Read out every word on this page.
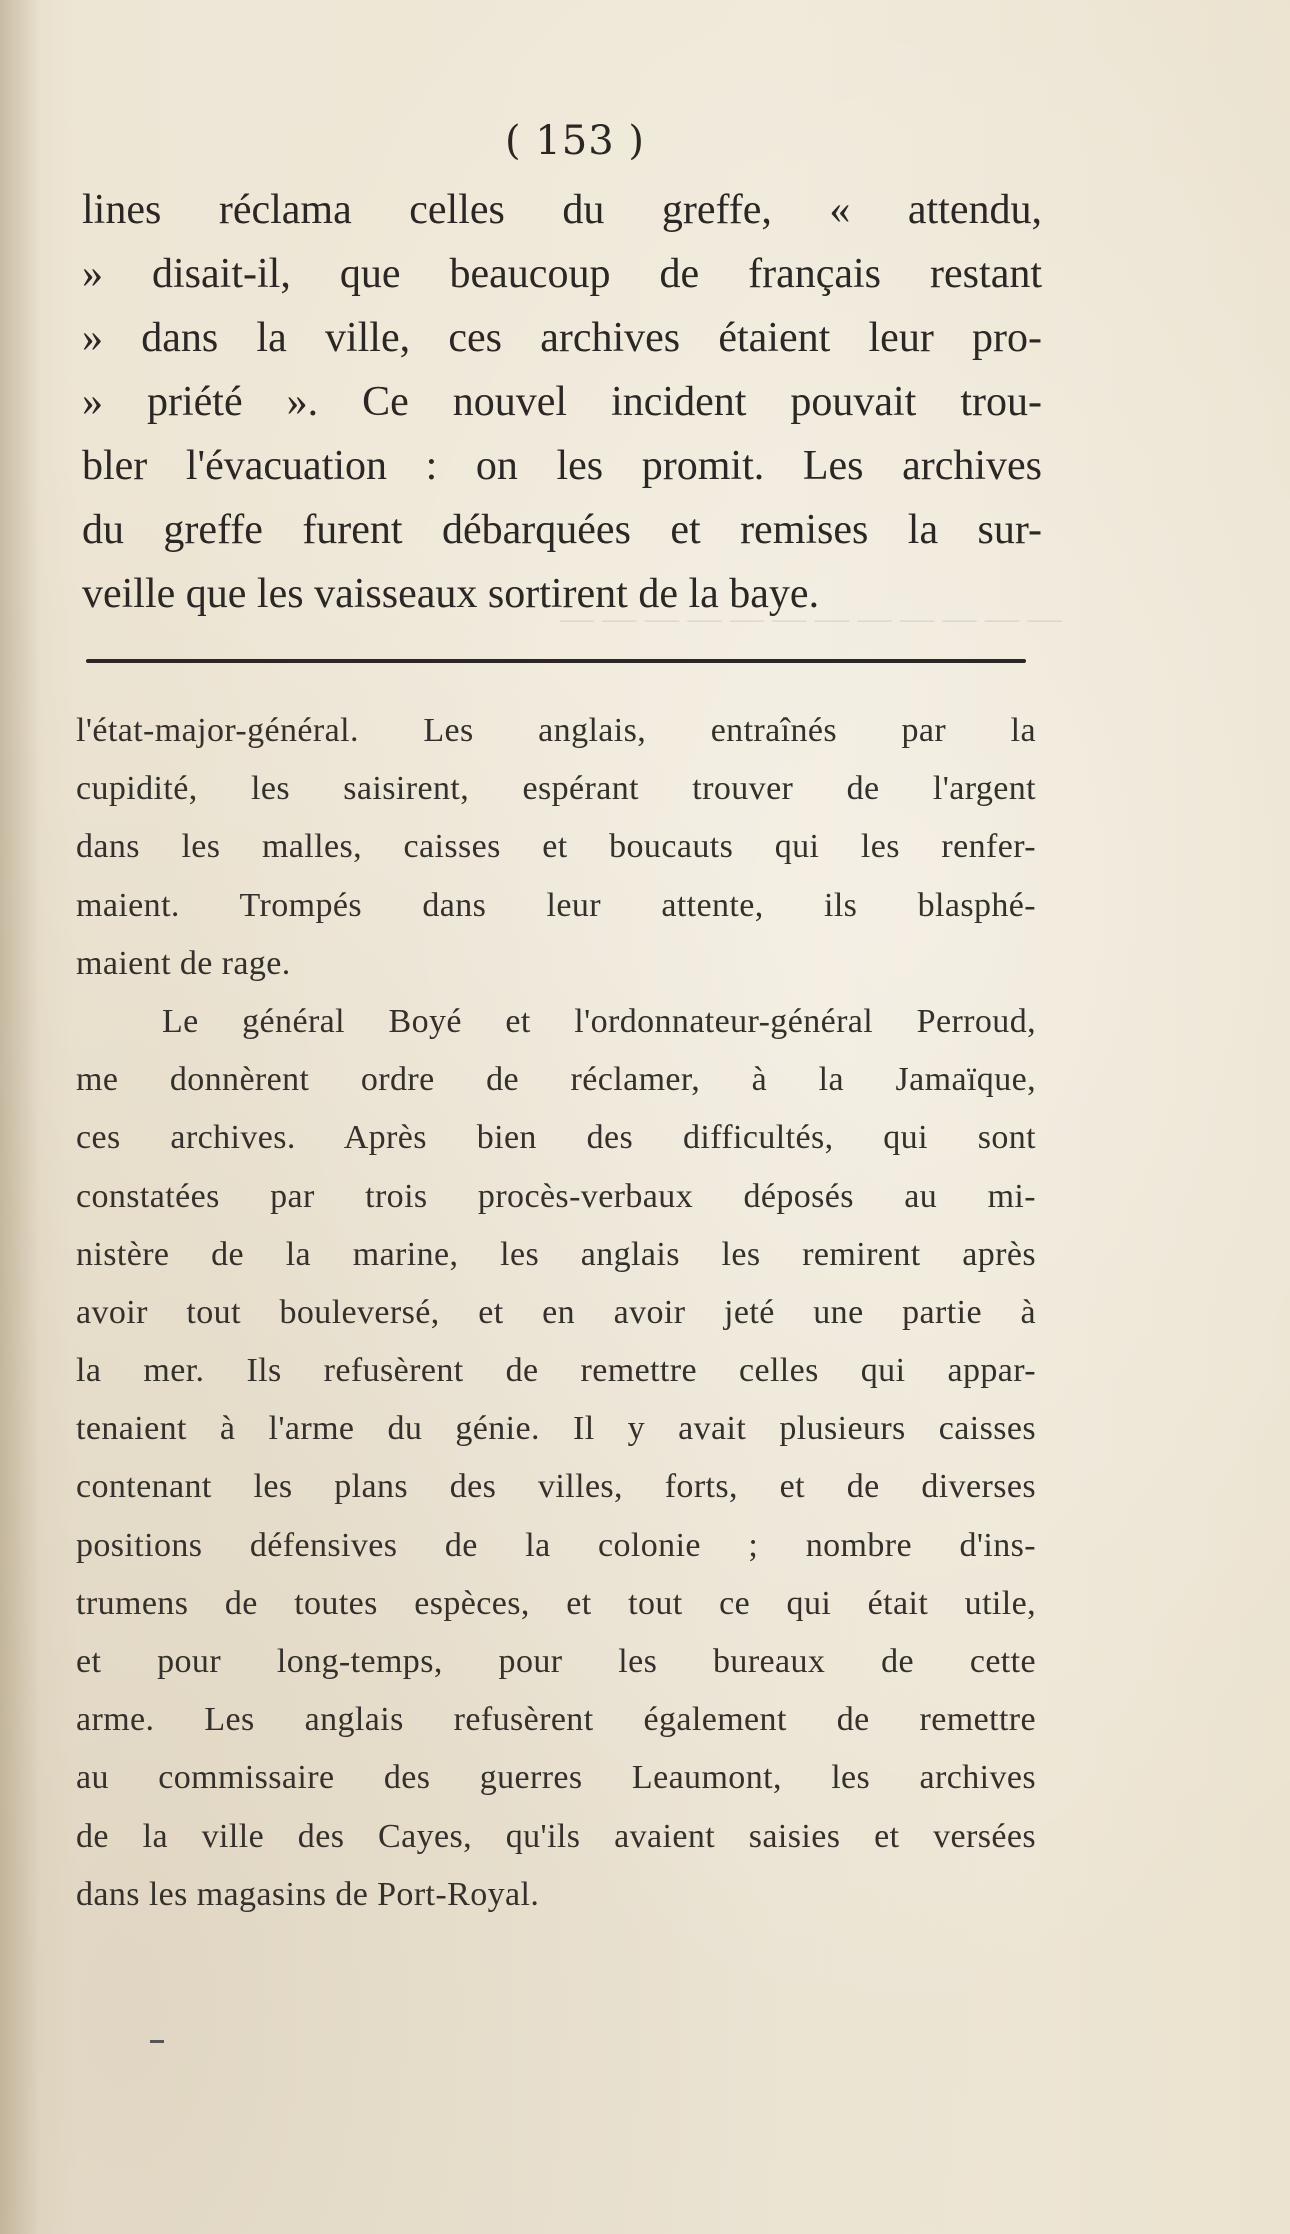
— — — — — — — — — — — —
( 153 )
lines réclama celles du greffe, « attendu,
» disait-il, que beaucoup de français restant
» dans la ville, ces archives étaient leur pro-
» priété ». Ce nouvel incident pouvait trou-
bler l'évacuation : on les promit. Les archives
du greffe furent débarquées et remises la sur-
veille que les vaisseaux sortirent de la baye.
l'état-major-général. Les anglais, entraînés par la
cupidité, les saisirent, espérant trouver de l'argent
dans les malles, caisses et boucauts qui les renfer-
maient. Trompés dans leur attente, ils blasphé-
maient de rage.
Le général Boyé et l'ordonnateur-général Perroud,
me donnèrent ordre de réclamer, à la Jamaïque,
ces archives. Après bien des difficultés, qui sont
constatées par trois procès-verbaux déposés au mi-
nistère de la marine, les anglais les remirent après
avoir tout bouleversé, et en avoir jeté une partie à
la mer. Ils refusèrent de remettre celles qui appar-
tenaient à l'arme du génie. Il y avait plusieurs caisses
contenant les plans des villes, forts, et de diverses
positions défensives de la colonie ; nombre d'ins-
trumens de toutes espèces, et tout ce qui était utile,
et pour long-temps, pour les bureaux de cette
arme. Les anglais refusèrent également de remettre
au commissaire des guerres Leaumont, les archives
de la ville des Cayes, qu'ils avaient saisies et versées
dans les magasins de Port-Royal.
